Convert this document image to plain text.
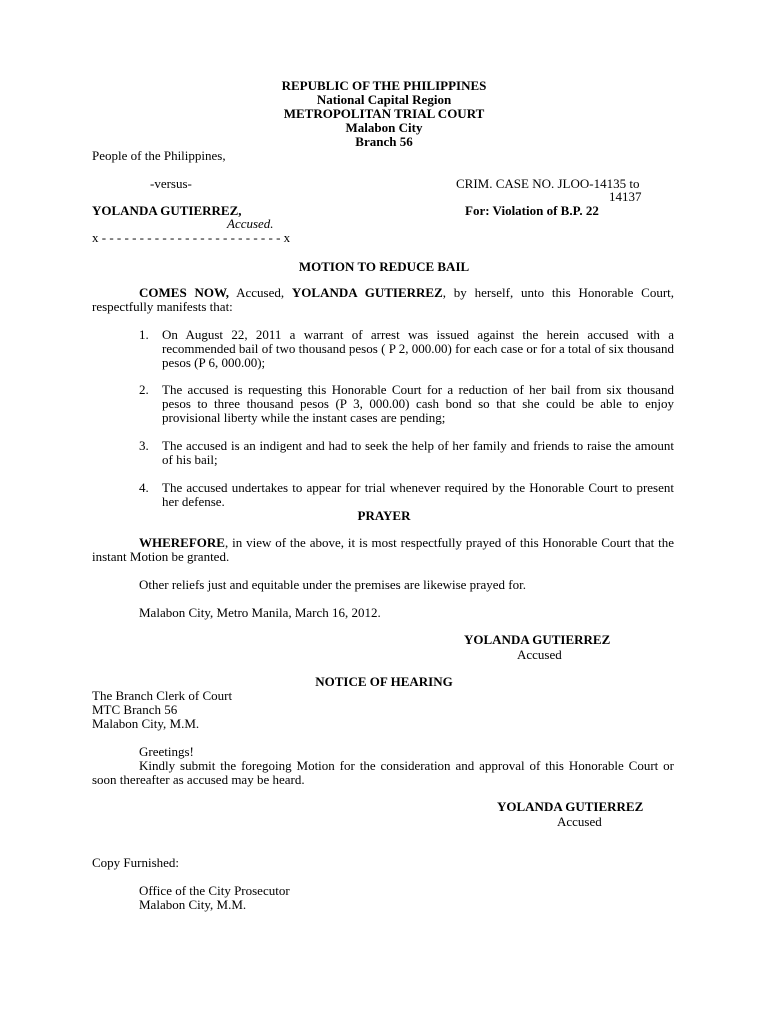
REPUBLIC OF THE PHILIPPINES
National Capital Region
METROPOLITAN TRIAL COURT
Malabon City
Branch 56
People of the Philippines,
-versus-	CRIM. CASE NO. JLOO-14135 to
14137
YOLANDA GUTIERREZ,	For: Violation of B.P. 22
Accused.
x - - - - - - - - - - - - - - - - - - - - - - - - x
MOTION TO REDUCE BAIL
COMES NOW, Accused, YOLANDA GUTIERREZ, by herself, unto this Honorable Court, respectfully manifests that:
1. On August 22, 2011 a warrant of arrest was issued against the herein accused with a recommended bail of two thousand pesos ( P 2, 000.00) for each case or for a total of six thousand pesos (P 6, 000.00);
2. The accused is requesting this Honorable Court for a reduction of her bail from six thousand pesos to three thousand pesos (P 3, 000.00) cash bond so that she could be able to enjoy provisional liberty while the instant cases are pending;
3. The accused is an indigent and had to seek the help of her family and friends to raise the amount of his bail;
4. The accused undertakes to appear for trial whenever required by the Honorable Court to present her defense.
PRAYER
WHEREFORE, in view of the above, it is most respectfully prayed of this Honorable Court that the instant Motion be granted.
Other reliefs just and equitable under the premises are likewise prayed for.
Malabon City, Metro Manila, March 16, 2012.
YOLANDA GUTIERREZ
Accused
NOTICE OF HEARING
The Branch Clerk of Court
MTC Branch 56
Malabon City, M.M.
Greetings!
Kindly submit the foregoing Motion for the consideration and approval of this Honorable Court or soon thereafter as accused may be heard.
YOLANDA GUTIERREZ
Accused
Copy Furnished:
Office of the City Prosecutor
Malabon City, M.M.
